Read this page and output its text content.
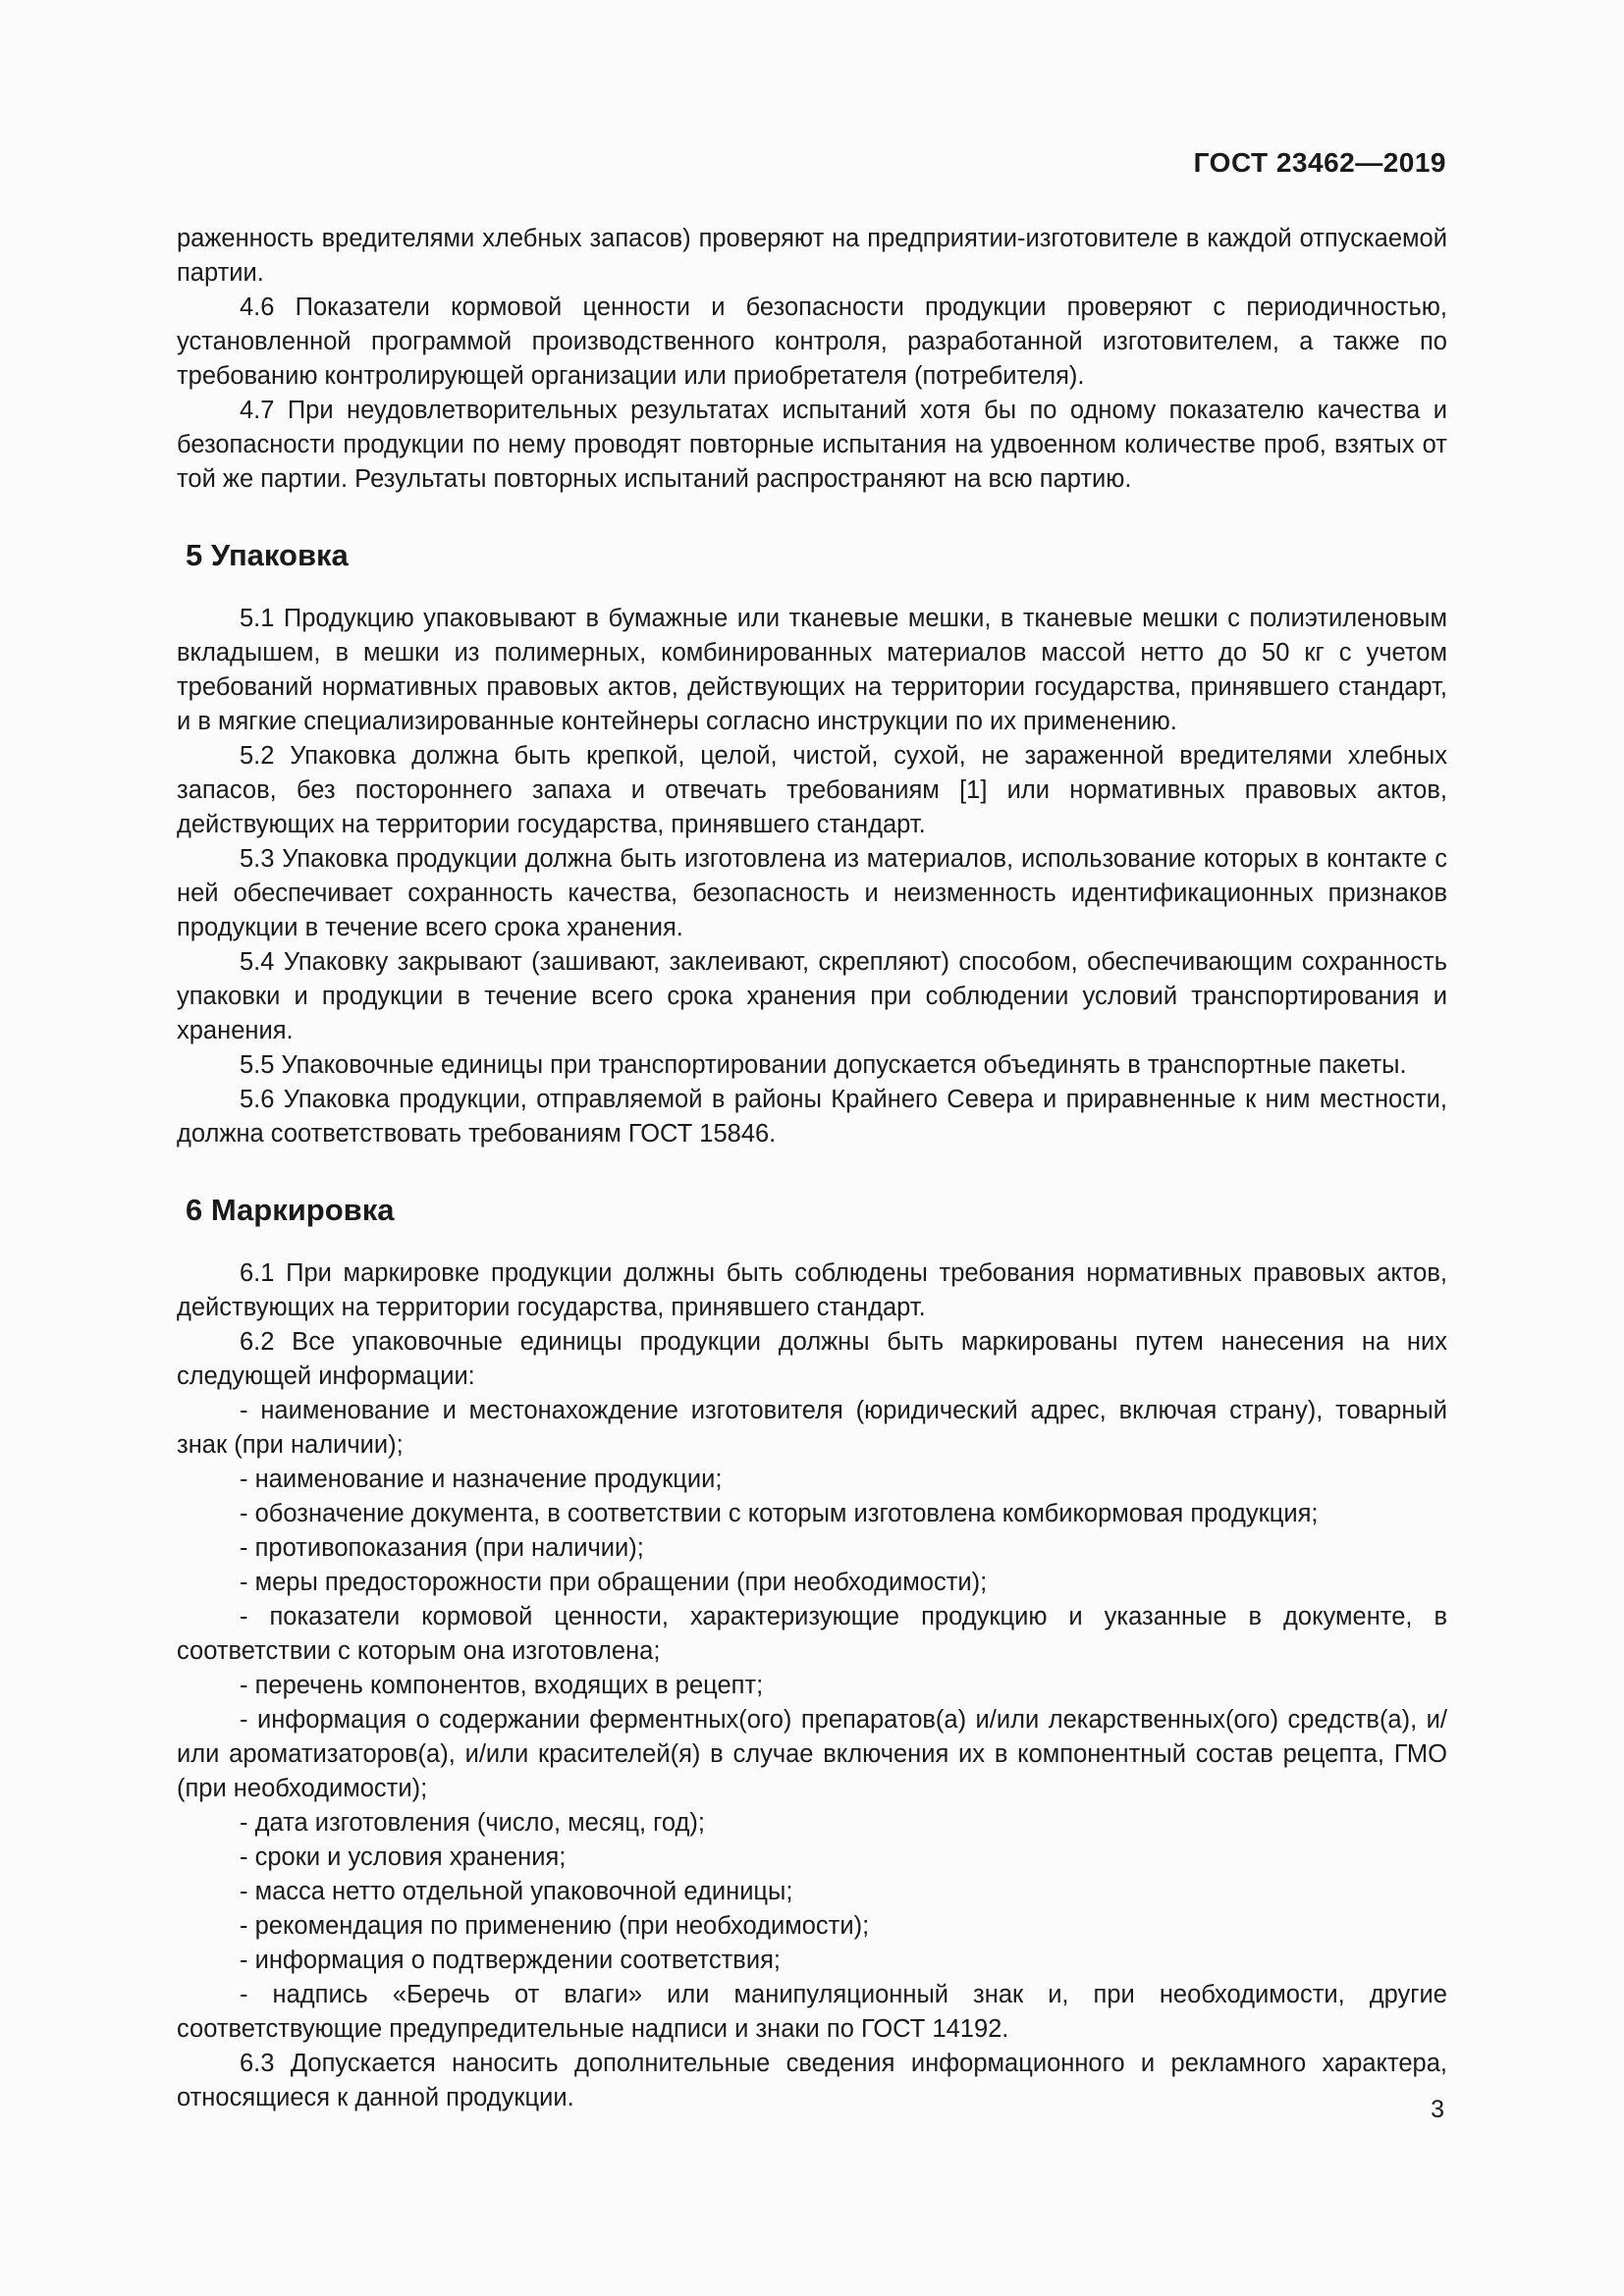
ГОСТ 23462—2019

раженность вредителями хлебных запасов) проверяют на предприятии-изготовителе в каждой отпускаемой партии.

4.6 Показатели кормовой ценности и безопасности продукции проверяют с периодичностью, установленной программой производственного контроля, разработанной изготовителем, а также по требованию контролирующей организации или приобретателя (потребителя).

4.7 При неудовлетворительных результатах испытаний хотя бы по одному показателю качества и безопасности продукции по нему проводят повторные испытания на удвоенном количестве проб, взятых от той же партии. Результаты повторных испытаний распространяют на всю партию.

5 Упаковка

5.1 Продукцию упаковывают в бумажные или тканевые мешки, в тканевые мешки с полиэтиленовым вкладышем, в мешки из полимерных, комбинированных материалов массой нетто до 50 кг с учетом требований нормативных правовых актов, действующих на территории государства, принявшего стандарт, и в мягкие специализированные контейнеры согласно инструкции по их применению.

5.2 Упаковка должна быть крепкой, целой, чистой, сухой, не зараженной вредителями хлебных запасов, без постороннего запаха и отвечать требованиям [1] или нормативных правовых актов, действующих на территории государства, принявшего стандарт.

5.3 Упаковка продукции должна быть изготовлена из материалов, использование которых в контакте с ней обеспечивает сохранность качества, безопасность и неизменность идентификационных признаков продукции в течение всего срока хранения.

5.4 Упаковку закрывают (зашивают, заклеивают, скрепляют) способом, обеспечивающим сохранность упаковки и продукции в течение всего срока хранения при соблюдении условий транспортирования и хранения.

5.5 Упаковочные единицы при транспортировании допускается объединять в транспортные пакеты.

5.6 Упаковка продукции, отправляемой в районы Крайнего Севера и приравненные к ним местности, должна соответствовать требованиям ГОСТ 15846.

6 Маркировка

6.1 При маркировке продукции должны быть соблюдены требования нормативных правовых актов, действующих на территории государства, принявшего стандарт.

6.2 Все упаковочные единицы продукции должны быть маркированы путем нанесения на них следующей информации:

- наименование и местонахождение изготовителя (юридический адрес, включая страну), товарный знак (при наличии);

- наименование и назначение продукции;

- обозначение документа, в соответствии с которым изготовлена комбикормовая продукция;

- противопоказания (при наличии);

- меры предосторожности при обращении (при необходимости);

- показатели кормовой ценности, характеризующие продукцию и указанные в документе, в соответствии с которым она изготовлена;

- перечень компонентов, входящих в рецепт;

- информация о содержании ферментных(ого) препаратов(а) и/или лекарственных(ого) средств(а), и/или ароматизаторов(а), и/или красителей(я) в случае включения их в компонентный состав рецепта, ГМО (при необходимости);

- дата изготовления (число, месяц, год);

- сроки и условия хранения;

- масса нетто отдельной упаковочной единицы;

- рекомендация по применению (при необходимости);

- информация о подтверждении соответствия;

- надпись «Беречь от влаги» или манипуляционный знак и, при необходимости, другие соответствующие предупредительные надписи и знаки по ГОСТ 14192.

6.3 Допускается наносить дополнительные сведения информационного и рекламного характера, относящиеся к данной продукции.	3
